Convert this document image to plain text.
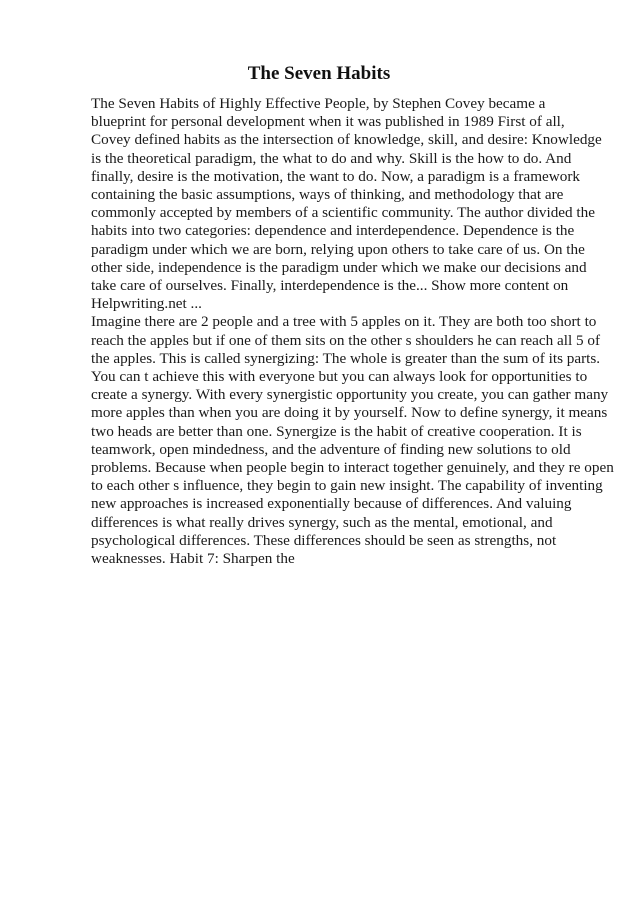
The Seven Habits
The Seven Habits of Highly Effective People, by Stephen Covey became a
blueprint for personal development when it was published in 1989 First of all,
Covey defined habits as the intersection of knowledge, skill, and desire: Knowledge
is the theoretical paradigm, the what to do and why. Skill is the how to do. And
finally, desire is the motivation, the want to do. Now, a paradigm is a framework
containing the basic assumptions, ways of thinking, and methodology that are
commonly accepted by members of a scientific community. The author divided the
habits into two categories: dependence and interdependence. Dependence is the
paradigm under which we are born, relying upon others to take care of us. On the
other side, independence is the paradigm under which we make our decisions and
take care of ourselves. Finally, interdependence is the... Show more content on
Helpwriting.net ...
Imagine there are 2 people and a tree with 5 apples on it. They are both too short to
reach the apples but if one of them sits on the other s shoulders he can reach all 5 of
the apples. This is called synergizing: The whole is greater than the sum of its parts.
You can t achieve this with everyone but you can always look for opportunities to
create a synergy. With every synergistic opportunity you create, you can gather many
more apples than when you are doing it by yourself. Now to define synergy, it means
two heads are better than one. Synergize is the habit of creative cooperation. It is
teamwork, open mindedness, and the adventure of finding new solutions to old
problems. Because when people begin to interact together genuinely, and they re open
to each other s influence, they begin to gain new insight. The capability of inventing
new approaches is increased exponentially because of differences. And valuing
differences is what really drives synergy, such as the mental, emotional, and
psychological differences. These differences should be seen as strengths, not
weaknesses. Habit 7: Sharpen the
